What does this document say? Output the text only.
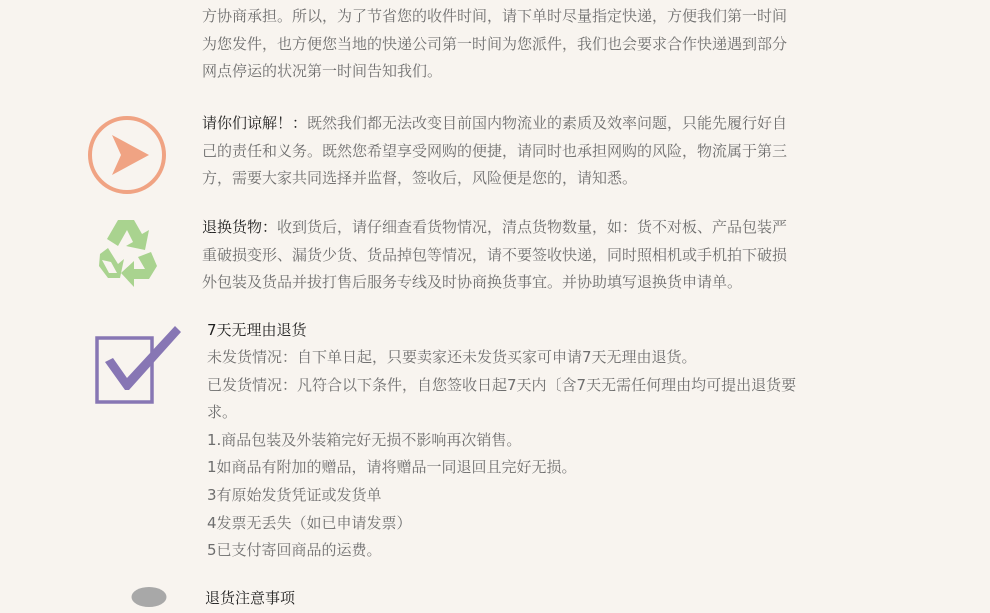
方协商承担。所以，为了节省您的收件时间，请下单时尽量指定快递，方便我们第一时间
为您发件，也方便您当地的快递公司第一时间为您派件，我们也会要求合作快递遇到部分
网点停运的状况第一时间告知我们。
请你们谅解！：既然我们都无法改变目前国内物流业的素质及效率问题，只能先履行好自
己的责任和义务。既然您希望享受网购的便捷，请同时也承担网购的风险，物流属于第三
方，需要大家共同选择并监督，签收后，风险便是您的，请知悉。
退换货物：收到货后，请仔细查看货物情况，清点货物数量，如：货不对板、产品包装严
重破损变形、漏货少货、货品掉包等情况，请不要签收快递，同时照相机或手机拍下破损
外包装及货品并拔打售后服务专线及时协商换货事宜。并协助填写退换货申请单。
7天无理由退货
未发货情况：自下单日起，只要卖家还未发货买家可申请7天无理由退货。
已发货情况：凡符合以下条件，自您签收日起7天内〔含7天无需任何理由均可提出退货要
求。
1.商品包装及外装箱完好无损不影响再次销售。
1如商品有附加的赠品，请将赠品一同退回且完好无损。
3有原始发货凭证或发货单
4发票无丢失（如已申请发票）
5已支付寄回商品的运费。
退货注意事项
